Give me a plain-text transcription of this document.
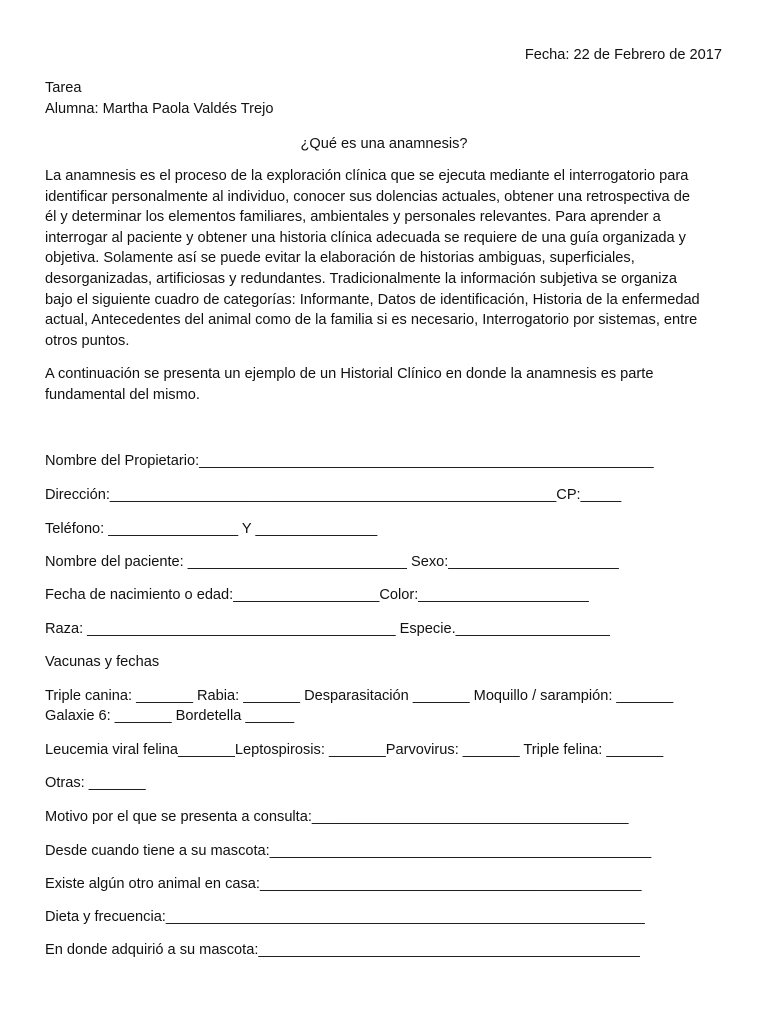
Fecha: 22 de Febrero de 2017
Tarea
Alumna: Martha Paola Valdés Trejo
¿Qué es una anamnesis?
La anamnesis es el proceso de la exploración clínica que se ejecuta mediante el interrogatorio para
identificar personalmente al individuo, conocer sus dolencias actuales, obtener una retrospectiva de
él y determinar los elementos familiares, ambientales y personales relevantes. Para aprender a
interrogar al paciente y obtener una historia clínica adecuada se requiere de una guía organizada y
objetiva. Solamente así se puede evitar la elaboración de historias ambiguas, superficiales,
desorganizadas, artificiosas y redundantes. Tradicionalmente la información subjetiva se organiza
bajo el siguiente cuadro de categorías: Informante, Datos de identificación, Historia de la enfermedad
actual, Antecedentes del animal como de la familia si es necesario, Interrogatorio por sistemas, entre
otros puntos.
A continuación se presenta un ejemplo de un Historial Clínico en donde la anamnesis es parte
fundamental del mismo.
Nombre del Propietario:________________________________________________________
Dirección:_______________________________________________________CP:_____
Teléfono: ________________ Y _______________
Nombre del paciente: ___________________________ Sexo:_____________________
Fecha de nacimiento o edad:__________________Color:_____________________
Raza: ______________________________________ Especie.___________________
Vacunas y fechas
Triple canina: _______ Rabia: _______ Desparasitación _______ Moquillo / sarampión: _______
Galaxie 6: _______ Bordetella ______
Leucemia viral felina_______Leptospirosis: _______Parvovirus: _______ Triple felina: _______
Otras: _______
Motivo por el que se presenta a consulta:_______________________________________
Desde cuando tiene a su mascota:_______________________________________________
Existe algún otro animal en casa:_______________________________________________
Dieta y frecuencia:___________________________________________________________
En donde adquirió a su mascota:_______________________________________________
